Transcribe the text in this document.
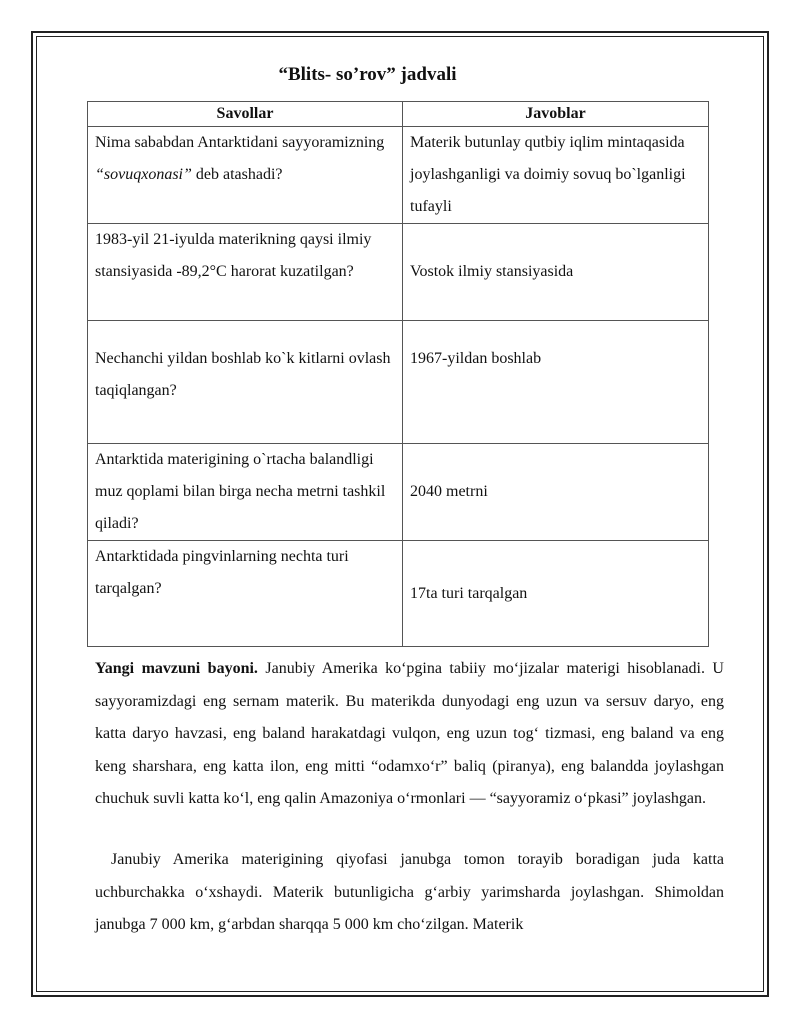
“Blits- so’rov” jadvali
Savollar	Javoblar
Nima sababdan Antarktidani sayyoramizning “sovuqxonasi” deb atashadi?	Materik butunlay qutbiy iqlim mintaqasida joylashganligi va doimiy sovuq bo`lganligi tufayli
1983-yil 21-iyulda materikning qaysi ilmiy stansiyasida -89,2°C harorat kuzatilgan?	Vostok ilmiy stansiyasida
Nechanchi yildan boshlab ko`k kitlarni ovlash taqiqlangan?	1967-yildan boshlab
Antarktida materigining o`rtacha balandligi muz qoplami bilan birga necha metrni tashkil qiladi?	2040 metrni
Antarktidada pingvinlarning nechta turi tarqalgan?	17ta turi tarqalgan

Yangi mavzuni bayoni. Janubiy Amerika ko‘pgina tabiiy mo‘jizalar materigi hisoblanadi. U sayyoramizdagi eng sernam materik. Bu materikda dunyodagi eng uzun va sersuv daryo, eng katta daryo havzasi, eng baland harakatdagi vulqon, eng uzun tog‘ tizmasi, eng baland va eng keng sharshara, eng katta ilon, eng mitti “odamxo‘r” baliq (piranya), eng balandda joylashgan chuchuk suvli katta ko‘l, eng qalin Amazoniya o‘rmonlari — “sayyoramiz o‘pkasi” joylashgan.

Janubiy Amerika materigining qiyofasi janubga tomon torayib boradigan juda katta uchburchakka o‘xshaydi. Materik butunligicha g‘arbiy yarimsharda joylashgan. Shimoldan janubga 7 000 km, g‘arbdan sharqqa 5 000 km cho‘zilgan. Materik
